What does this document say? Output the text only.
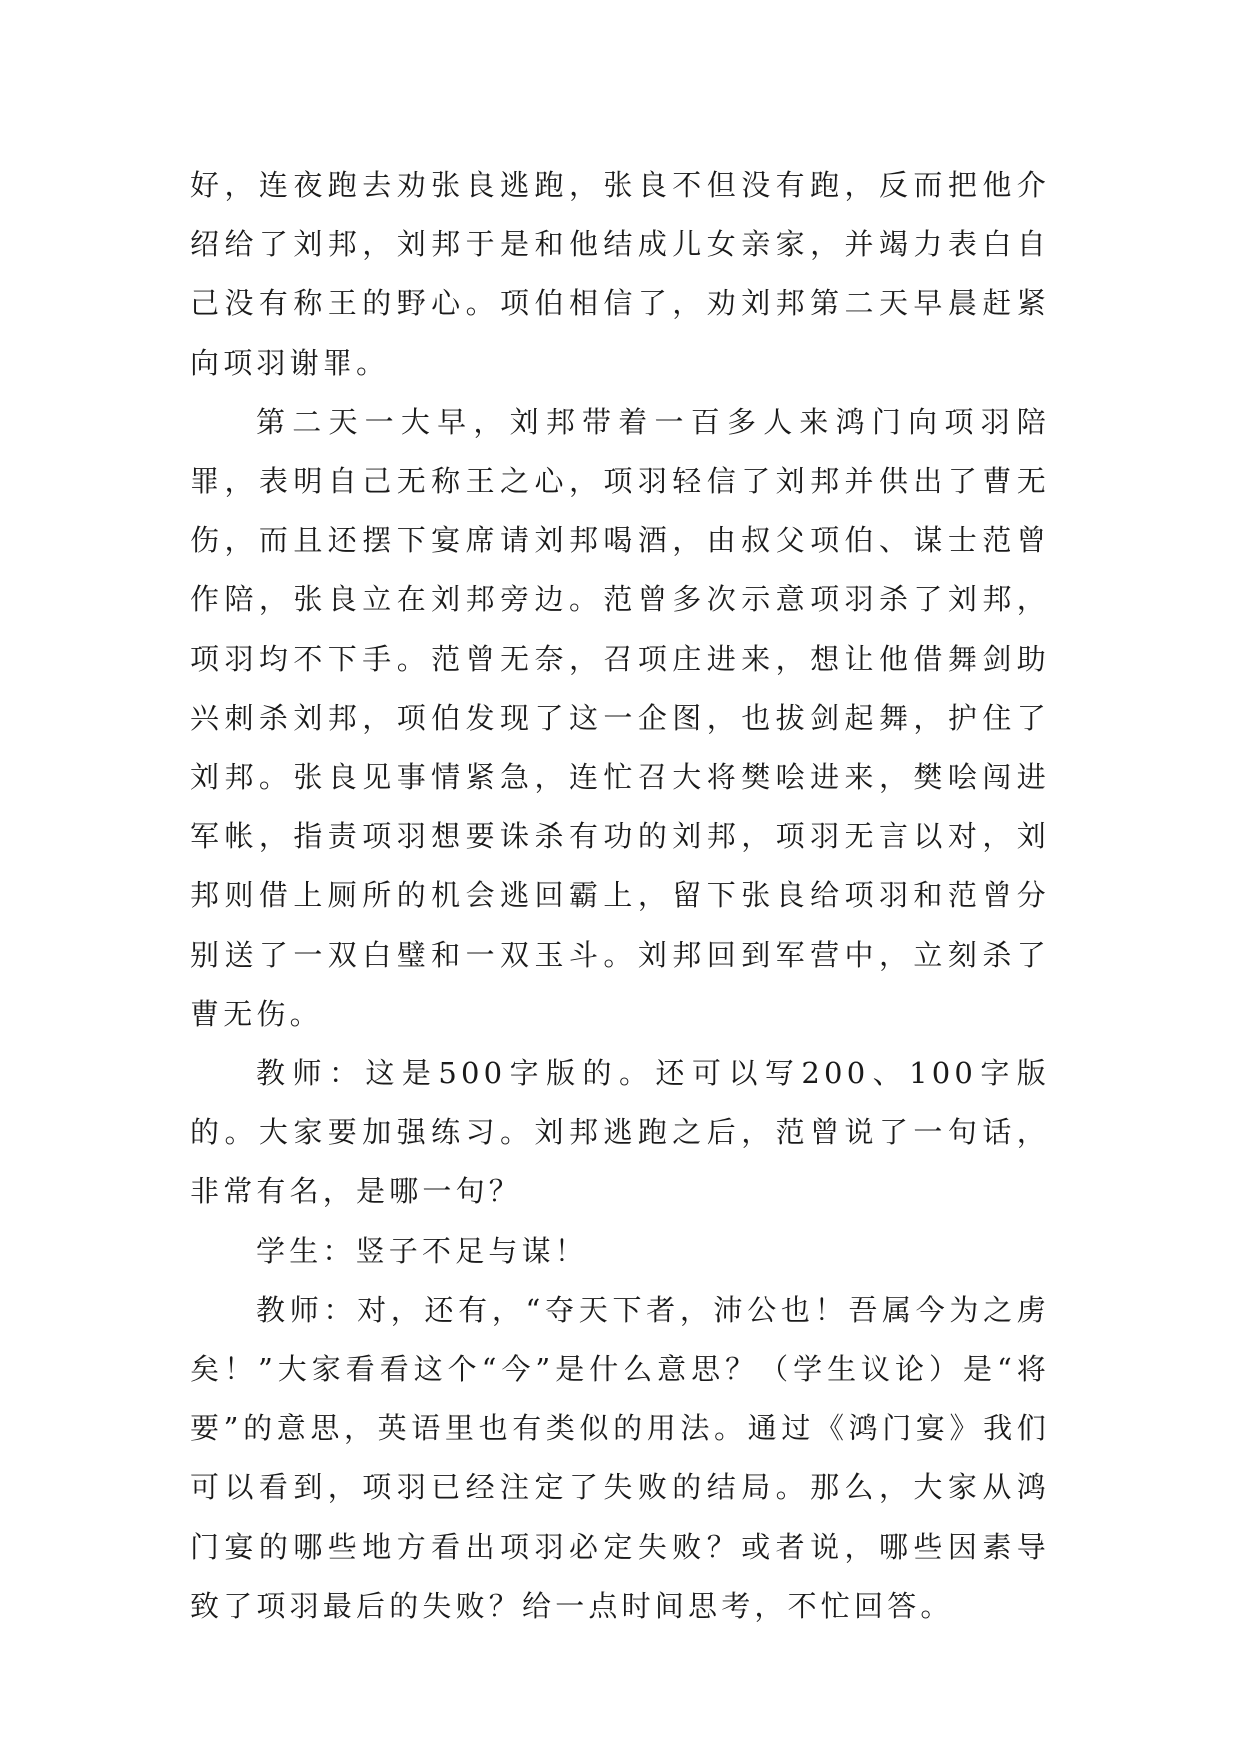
好，连夜跑去劝张良逃跑，张良不但没有跑，反而把他介绍给了刘邦，刘邦于是和他结成儿女亲家，并竭力表白自己没有称王的野心。项伯相信了，劝刘邦第二天早晨赶紧向项羽谢罪。

第二天一大早，刘邦带着一百多人来鸿门向项羽陪罪，表明自己无称王之心，项羽轻信了刘邦并供出了曹无伤，而且还摆下宴席请刘邦喝酒，由叔父项伯、谋士范曾作陪，张良立在刘邦旁边。范曾多次示意项羽杀了刘邦，项羽均不下手。范曾无奈，召项庄进来，想让他借舞剑助兴刺杀刘邦，项伯发现了这一企图，也拔剑起舞，护住了刘邦。张良见事情紧急，连忙召大将樊哙进来，樊哙闯进军帐，指责项羽想要诛杀有功的刘邦，项羽无言以对，刘邦则借上厕所的机会逃回霸上，留下张良给项羽和范曾分别送了一双白璧和一双玉斗。刘邦回到军营中，立刻杀了曹无伤。

教师：这是500字版的。还可以写200、100字版的。大家要加强练习。刘邦逃跑之后，范曾说了一句话，非常有名，是哪一句？

学生：竖子不足与谋！

教师：对，还有，“夺天下者，沛公也！吾属今为之虏矣！”大家看看这个“今”是什么意思？（学生议论）是“将要”的意思，英语里也有类似的用法。通过《鸿门宴》我们可以看到，项羽已经注定了失败的结局。那么，大家从鸿门宴的哪些地方看出项羽必定失败？或者说，哪些因素导致了项羽最后的失败？给一点时间思考，不忙回答。
